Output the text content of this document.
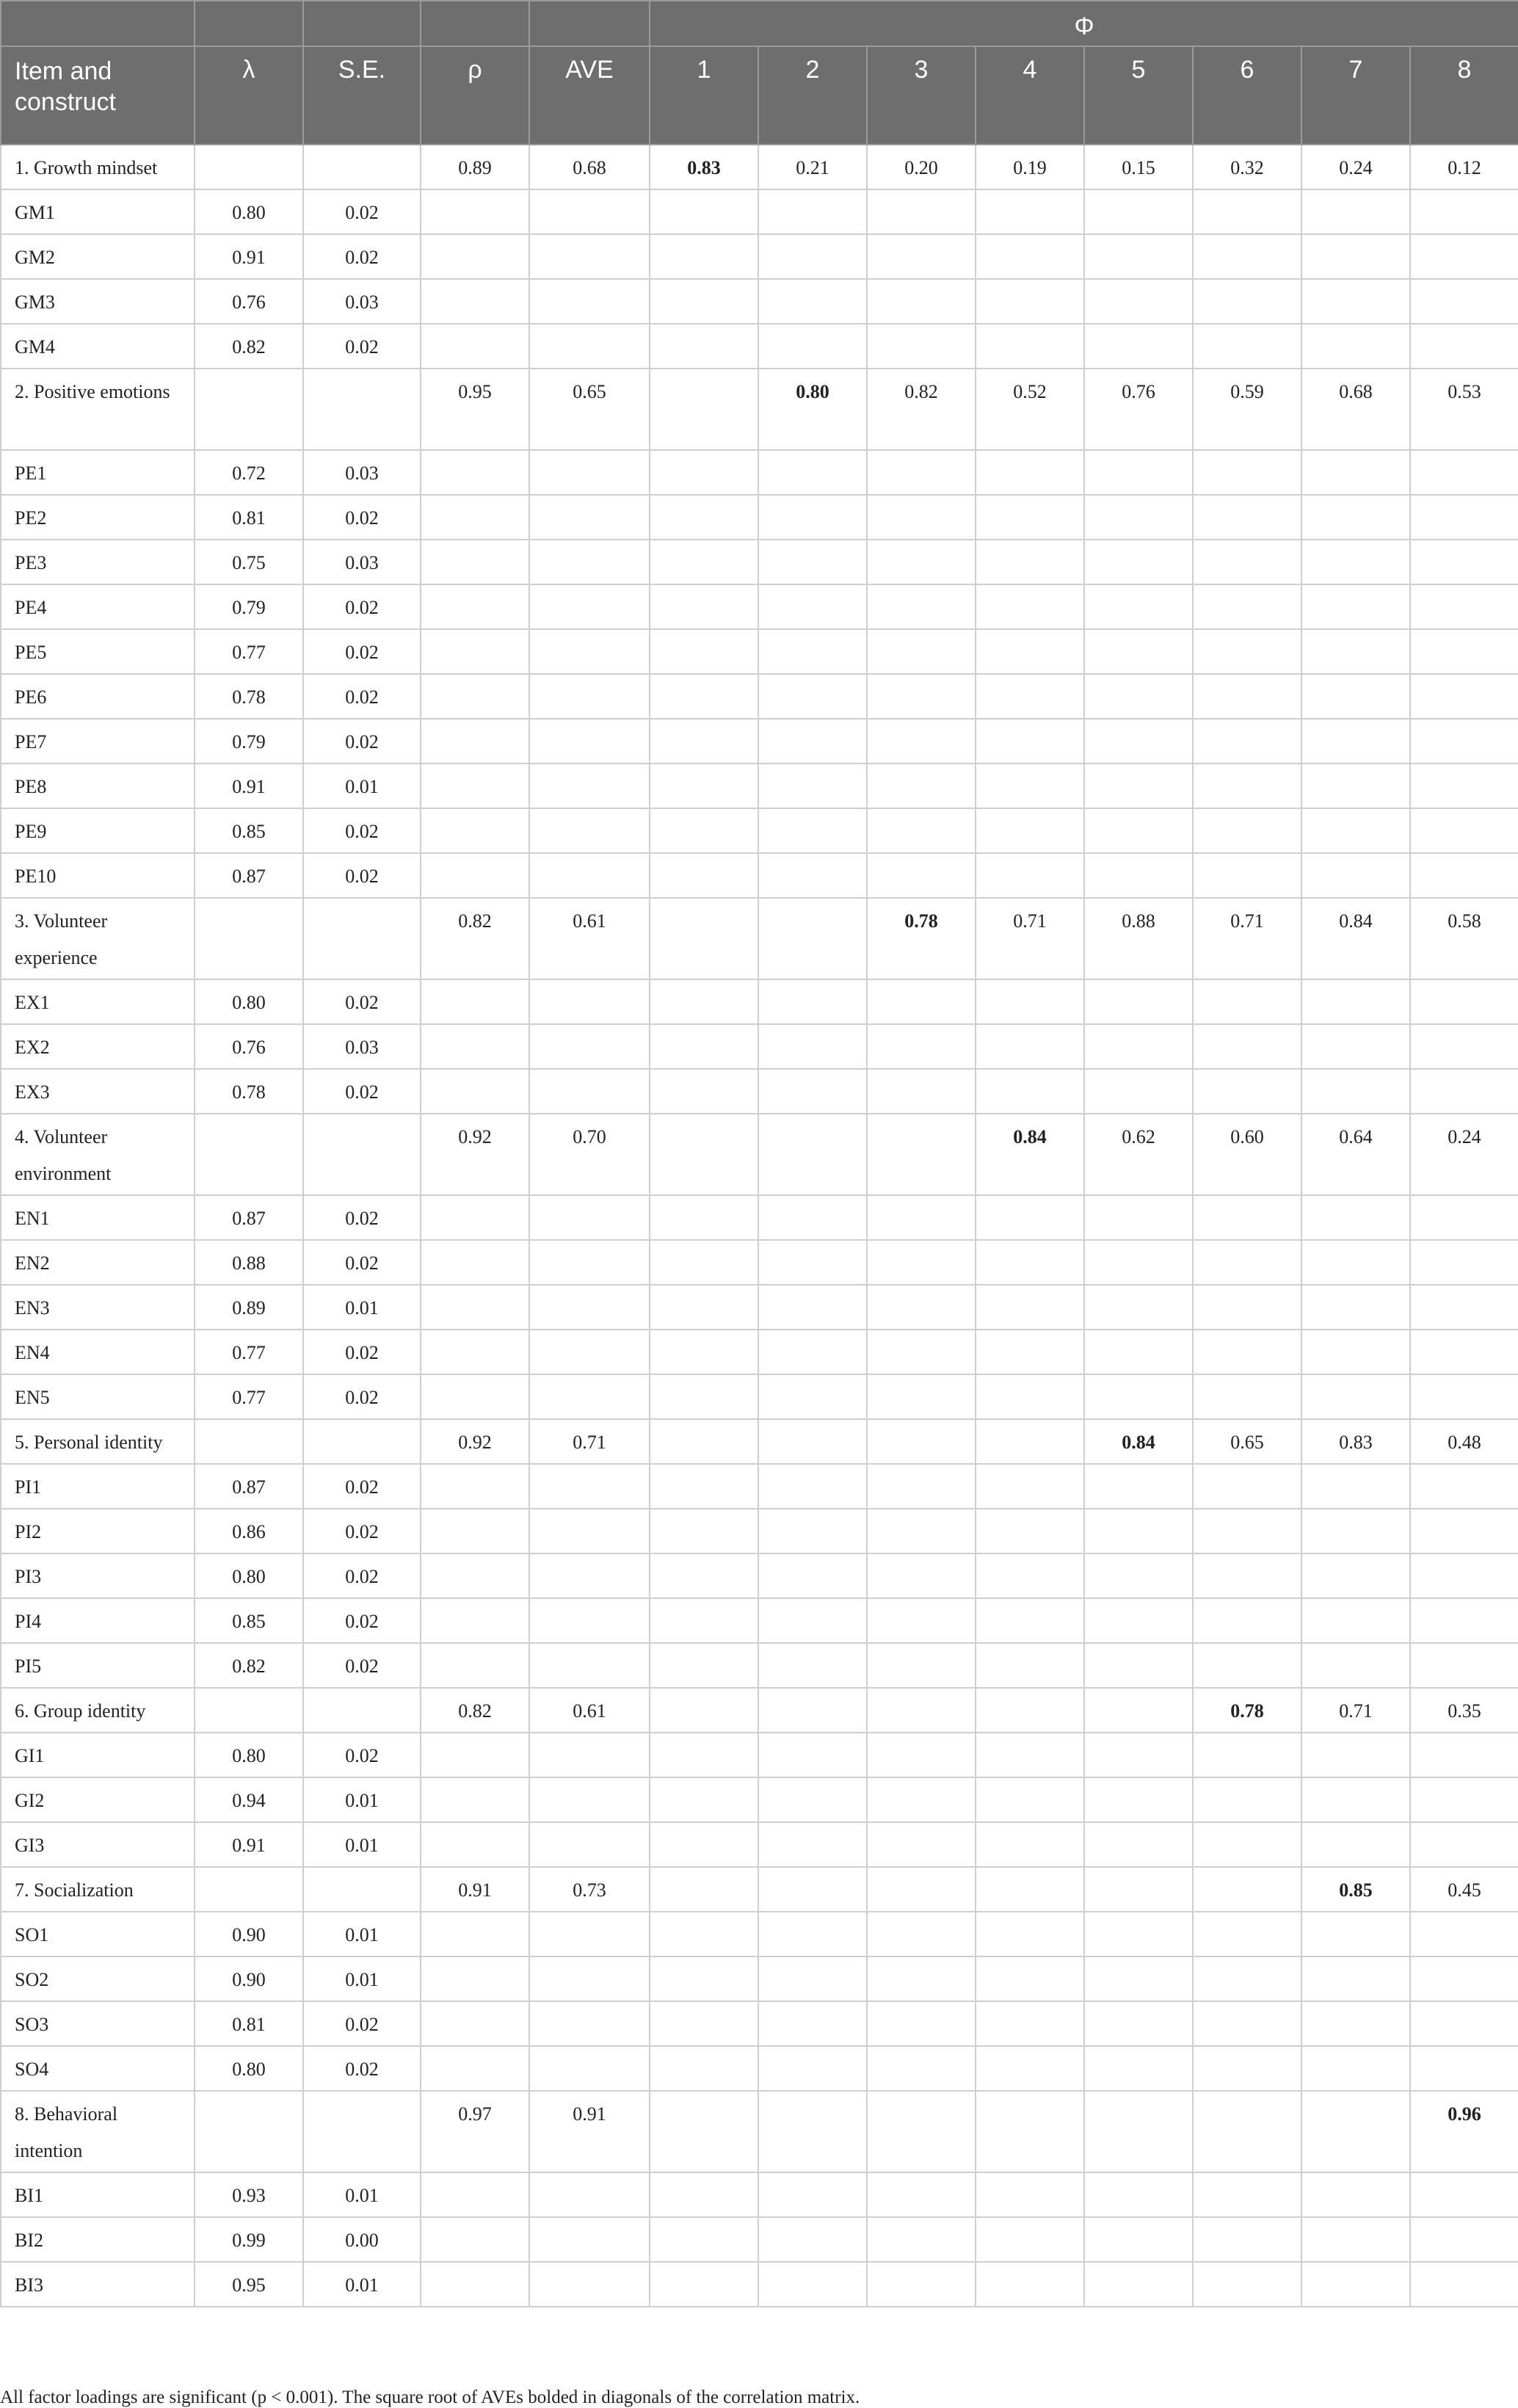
					Φ							
Item and construct	λ	S.E.	ρ	AVE	1	2	3	4	5	6	7	8
1. Growth mindset			0.89	0.68	0.83	0.21	0.20	0.19	0.15	0.32	0.24	0.12
GM1	0.80	0.02										
GM2	0.91	0.02										
GM3	0.76	0.03										
GM4	0.82	0.02										
2. Positive emotions			0.95	0.65		0.80	0.82	0.52	0.76	0.59	0.68	0.53
PE1	0.72	0.03										
PE2	0.81	0.02										
PE3	0.75	0.03										
PE4	0.79	0.02										
PE5	0.77	0.02										
PE6	0.78	0.02										
PE7	0.79	0.02										
PE8	0.91	0.01										
PE9	0.85	0.02										
PE10	0.87	0.02										
3. Volunteer experience			0.82	0.61			0.78	0.71	0.88	0.71	0.84	0.58
EX1	0.80	0.02										
EX2	0.76	0.03										
EX3	0.78	0.02										
4. Volunteer environment			0.92	0.70				0.84	0.62	0.60	0.64	0.24
EN1	0.87	0.02										
EN2	0.88	0.02										
EN3	0.89	0.01										
EN4	0.77	0.02										
EN5	0.77	0.02										
5. Personal identity			0.92	0.71					0.84	0.65	0.83	0.48
PI1	0.87	0.02										
PI2	0.86	0.02										
PI3	0.80	0.02										
PI4	0.85	0.02										
PI5	0.82	0.02										
6. Group identity			0.82	0.61						0.78	0.71	0.35
GI1	0.80	0.02										
GI2	0.94	0.01										
GI3	0.91	0.01										
7. Socialization			0.91	0.73							0.85	0.45
SO1	0.90	0.01										
SO2	0.90	0.01										
SO3	0.81	0.02										
SO4	0.80	0.02										
8. Behavioral intention			0.97	0.91								0.96
BI1	0.93	0.01										
BI2	0.99	0.00										
BI3	0.95	0.01										
All factor loadings are significant (p < 0.001). The square root of AVEs bolded in diagonals of the correlation matrix.
